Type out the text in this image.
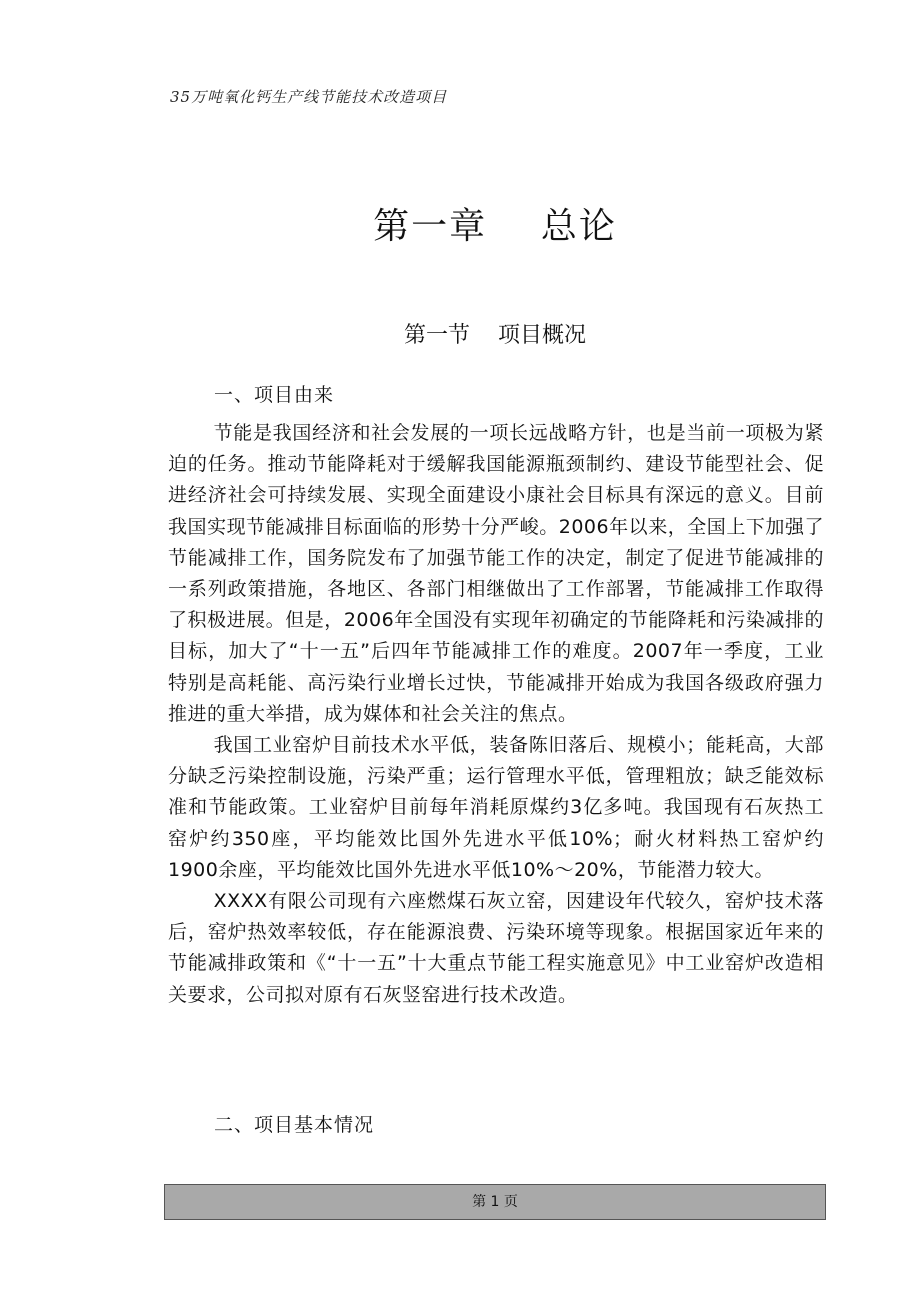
35万吨氧化钙生产线节能技术改造项目
第一章    总论
第一节    项目概况
一、项目由来

节能是我国经济和社会发展的一项长远战略方针，也是当前一项极为紧迫的任务。推动节能降耗对于缓解我国能源瓶颈制约、建设节能型社会、促进经济社会可持续发展、实现全面建设小康社会目标具有深远的意义。目前我国实现节能减排目标面临的形势十分严峻。2006年以来，全国上下加强了节能减排工作，国务院发布了加强节能工作的决定，制定了促进节能减排的一系列政策措施，各地区、各部门相继做出了工作部署，节能减排工作取得了积极进展。但是，2006年全国没有实现年初确定的节能降耗和污染减排的目标，加大了“十一五”后四年节能减排工作的难度。2007年一季度，工业特别是高耗能、高污染行业增长过快，节能减排开始成为我国各级政府强力推进的重大举措，成为媒体和社会关注的焦点。

我国工业窑炉目前技术水平低，装备陈旧落后、规模小；能耗高，大部分缺乏污染控制设施，污染严重；运行管理水平低，管理粗放；缺乏能效标准和节能政策。工业窑炉目前每年消耗原煤约3亿多吨。我国现有石灰热工窑炉约350座，平均能效比国外先进水平低10%；耐火材料热工窑炉约1900余座，平均能效比国外先进水平低10%～20%，节能潜力较大。

XXXX有限公司现有六座燃煤石灰立窑，因建设年代较久，窑炉技术落后，窑炉热效率较低，存在能源浪费、污染环境等现象。根据国家近年来的节能减排政策和《“十一五”十大重点节能工程实施意见》中工业窑炉改造相关要求，公司拟对原有石灰竖窑进行技术改造。

二、项目基本情况
第 1 页
